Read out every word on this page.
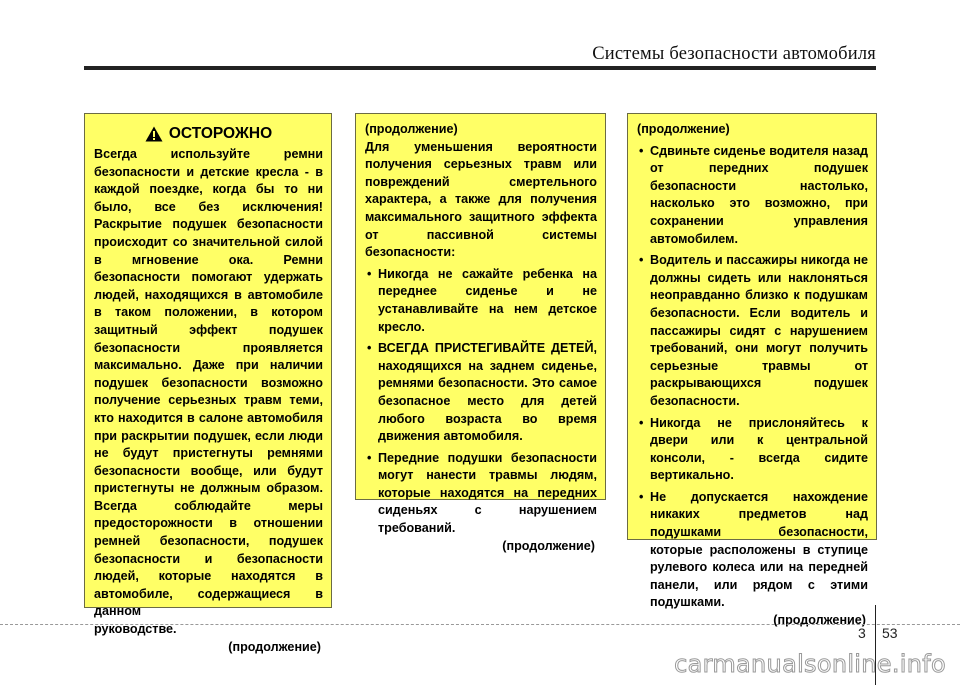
Системы безопасности автомобиля
ОСТОРОЖНО
Всегда используйте ремни безопасности и детские кресла - в каждой поездке, когда бы то ни было, все без исключения! Раскрытие подушек безопасности происходит со значительной силой в мгновение ока. Ремни безопасности помогают удержать людей, находящихся в автомобиле в таком положении, в котором защитный эффект подушек безопасности проявляется максимально. Даже при наличии подушек безопасности возможно получение серьезных травм теми, кто находится в салоне автомобиля при раскрытии подушек, если люди не будут пристегнуты ремнями безопасности вообще, или будут пристегнуты не должным образом. Всегда соблюдайте меры предосторожности в отношении ремней безопасности, подушек безопасности и безопасности людей, которые находятся в автомобиле, содержащиеся в данном
руководстве.
(продолжение)
(продолжение)
Для уменьшения вероятности получения серьезных травм или повреждений смертельного характера, а также для получения максимального защитного эффекта от пассивной системы безопасности:
• Никогда не сажайте ребенка на переднее сиденье и не устанавливайте на нем детское кресло.
• ВСЕГДА ПРИСТЕГИВАЙТЕ ДЕТЕЙ, находящихся на заднем сиденье, ремнями безопасности. Это самое безопасное место для детей любого возраста во время движения автомобиля.
• Передние подушки безопасности могут нанести травмы людям, которые находятся на передних сиденьях с нарушением требований.
(продолжение)
(продолжение)
• Сдвиньте сиденье водителя назад от передних подушек безопасности настолько, насколько это возможно, при сохранении управления автомобилем.
• Водитель и пассажиры никогда не должны сидеть или наклоняться неоправданно близко к подушкам безопасности. Если водитель и пассажиры сидят с нарушением требований, они могут получить серьезные травмы от раскрывающихся подушек безопасности.
• Никогда не прислоняйтесь к двери или к центральной консоли, - всегда сидите вертикально.
• Не допускается нахождение никаких предметов над подушками безопасности, которые расположены в ступице рулевого колеса или на передней панели, или рядом с этими подушками.
(продолжение)
3 53
carmanualsonline.info
